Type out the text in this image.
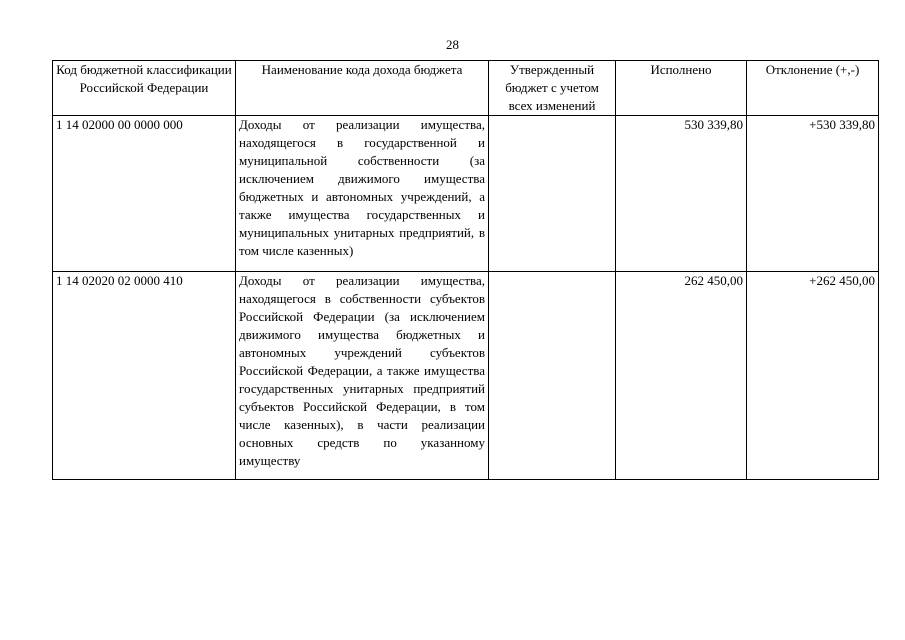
28
Код бюджетной классификации Российской Федерации	Наименование кода дохода бюджета	Утвержденный бюджет с учетом всех изменений	Исполнено	Отклонение (+,-)
1 14 02000 00 0000 000	Доходы от реализации имущества, находящегося в государственной и муниципальной собственности (за исключением движимого имущества бюджетных и автономных учреждений, а также имущества государственных и муниципальных унитарных предприятий, в том числе казенных)		530 339,80	+530 339,80
1 14 02020 02 0000 410	Доходы от реализации имущества, находящегося в собственности субъектов Российской Федерации (за исключением движимого имущества бюджетных и автономных учреждений субъектов Российской Федерации, а также имущества государственных унитарных предприятий субъектов Российской Федерации, в том числе казенных), в части реализации основных средств по указанному имуществу		262 450,00	+262 450,00
